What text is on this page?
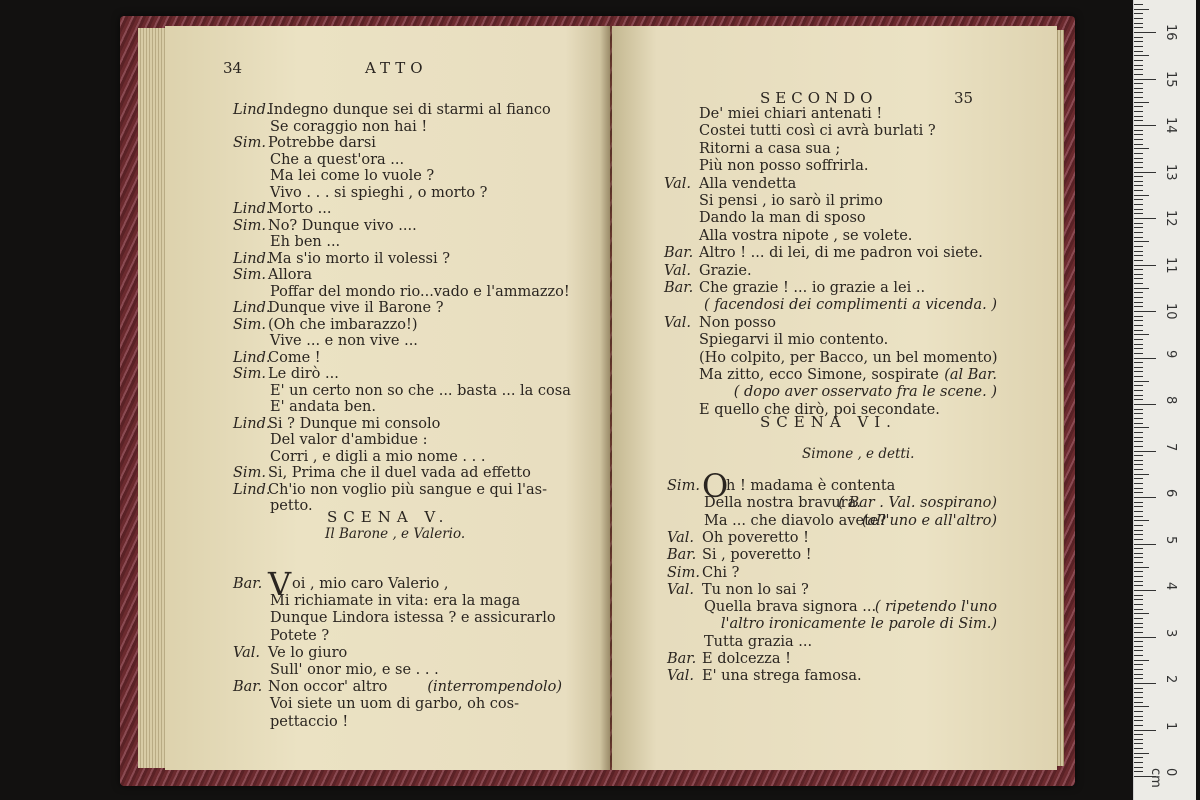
34	ATTO
Lind.
Indegno dunque sei di starmi al fianco
Se coraggio non hai !
Sim. Potrebbe darsi
Che a quest'ora ...
Ma lei come lo vuole ?
Vivo . . . si spieghi , o morto ?
Lind.
Morto ...
Sim. No? Dunque vivo ....
Eh ben ...
Lind.
Ma s'io morto il volessi ?
Sim. Allora
Poffar del mondo rio...vado e l'ammazzo!
Lind.
Dunque vive il Barone ?
Sim. (Oh che imbarazzo!)
Vive ... e non vive ...
Lind.
Come !
Sim. Le dirò ...
E' un certo non so che ... basta ... la cosa
E' andata ben.
Lind.
Si ? Dunque mi consolo
Del valor d'ambidue :
Corri , e digli a mio nome . . .
Sim. Si, Prima che il duel vada ad effetto
Lind.
Ch'io non voglio più sangue e qui l'as-
petto.
SCENA V.
Il Barone , e Valerio.
Bar. V oi , mio caro Valerio ,
Mi richiamate in vita: era la maga
Dunque Lindora istessa ? e assicurarlo
Potete ?
Val. Ve lo giuro
Sull' onor mio, e se . . .
Bar. Non occor' altro	(interrompendolo)
Voi siete un uom di garbo, oh cos-
pettaccio !
SECONDO	35
De' miei chiari antenati !
Costei tutti così ci avrà burlati ?
Ritorni a casa sua ;
Più non posso soffrirla.
Val. Alla vendetta
Si pensi , io sarò il primo
Dando la man di sposo
Alla vostra nipote , se volete.
Bar. Altro ! ... di lei, di me padron voi siete.
Val. Grazie.
Bar. Che grazie ! ... io grazie a lei ..
( facendosi dei complimenti a vicenda. )
Val. Non posso
Spiegarvi il mio contento.
(Ho colpito, per Bacco, un bel momento)
Ma zitto, ecco Simone, sospirate (al Bar.
( dopo aver osservato fra le scene. )
E quello che dirò, poi secondate.
SCENA VI.
Simone , e detti.
Sim. O
h ! madama è contenta
Della nostra bravura.
( Bar . Val. sospirano)
Ma ... che diavolo avete?
(all'uno e all'altro)
Val. Oh poveretto !
Bar. Si , poveretto !
Sim. Chi ?
Val. Tu non lo sai ?
Quella brava signora ...
( ripetendo l'uno
l'altro ironicamente le parole di Sim.)
Tutta grazia ...
Bar. E dolcezza !
Val. E' una strega famosa.
0 cm
1
2
3
4
5
6
7
8
9
10
11
12
13
14
15
16
